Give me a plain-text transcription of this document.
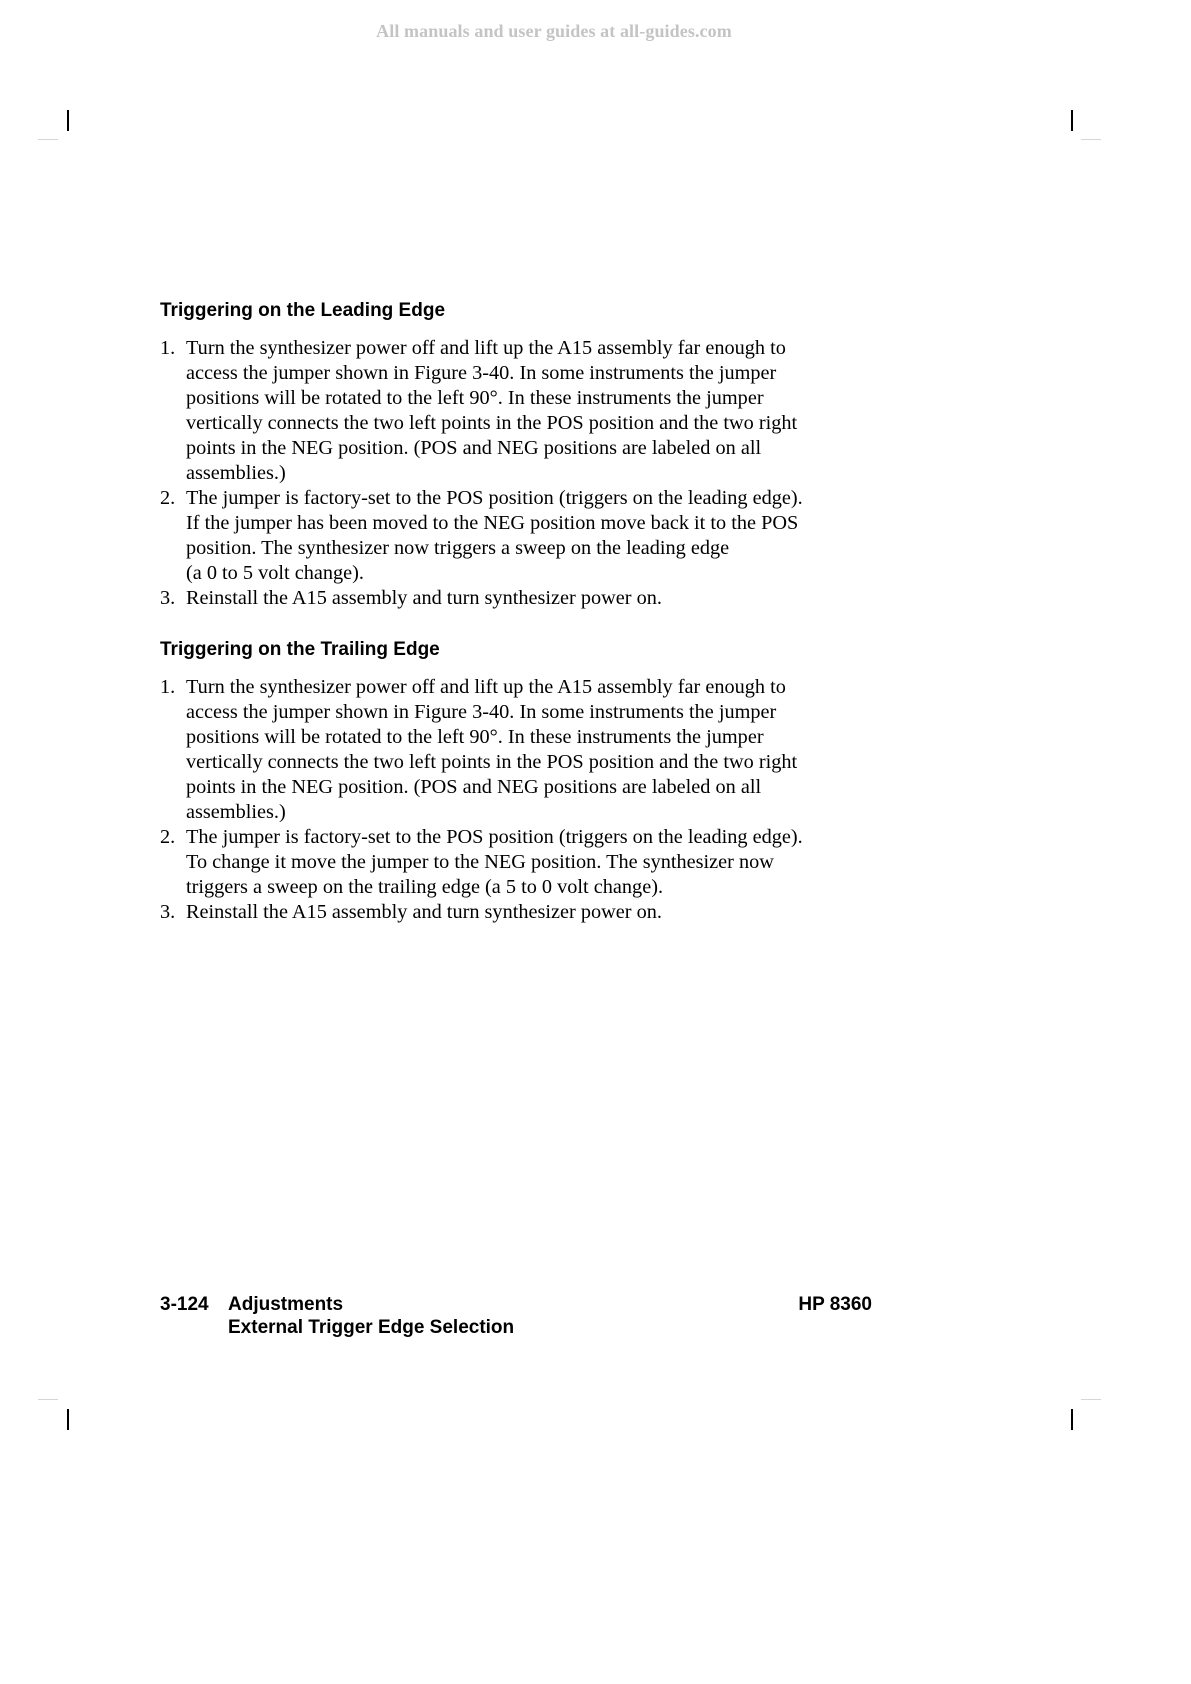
All manuals and user guides at all-guides.com
Triggering on the Leading Edge
1. Turn the synthesizer power off and lift up the A15 assembly far enough to
access the jumper shown in Figure 3-40. In some instruments the jumper
positions will be rotated to the left 90°. In these instruments the jumper
vertically connects the two left points in the POS position and the two right
points in the NEG position. (POS and NEG positions are labeled on all
assemblies.)
2. The jumper is factory-set to the POS position (triggers on the leading edge).
If the jumper has been moved to the NEG position move back it to the POS
position. The synthesizer now triggers a sweep on the leading edge
(a 0 to 5 volt change).
3. Reinstall the A15 assembly and turn synthesizer power on.
Triggering on the Trailing Edge
1. Turn the synthesizer power off and lift up the A15 assembly far enough to
access the jumper shown in Figure 3-40. In some instruments the jumper
positions will be rotated to the left 90°. In these instruments the jumper
vertically connects the two left points in the POS position and the two right
points in the NEG position. (POS and NEG positions are labeled on all
assemblies.)
2. The jumper is factory-set to the POS position (triggers on the leading edge).
To change it move the jumper to the NEG position. The synthesizer now
triggers a sweep on the trailing edge (a 5 to 0 volt change).
3. Reinstall the A15 assembly and turn synthesizer power on.
3-124 Adjustments
External Trigger Edge Selection
HP 8360
